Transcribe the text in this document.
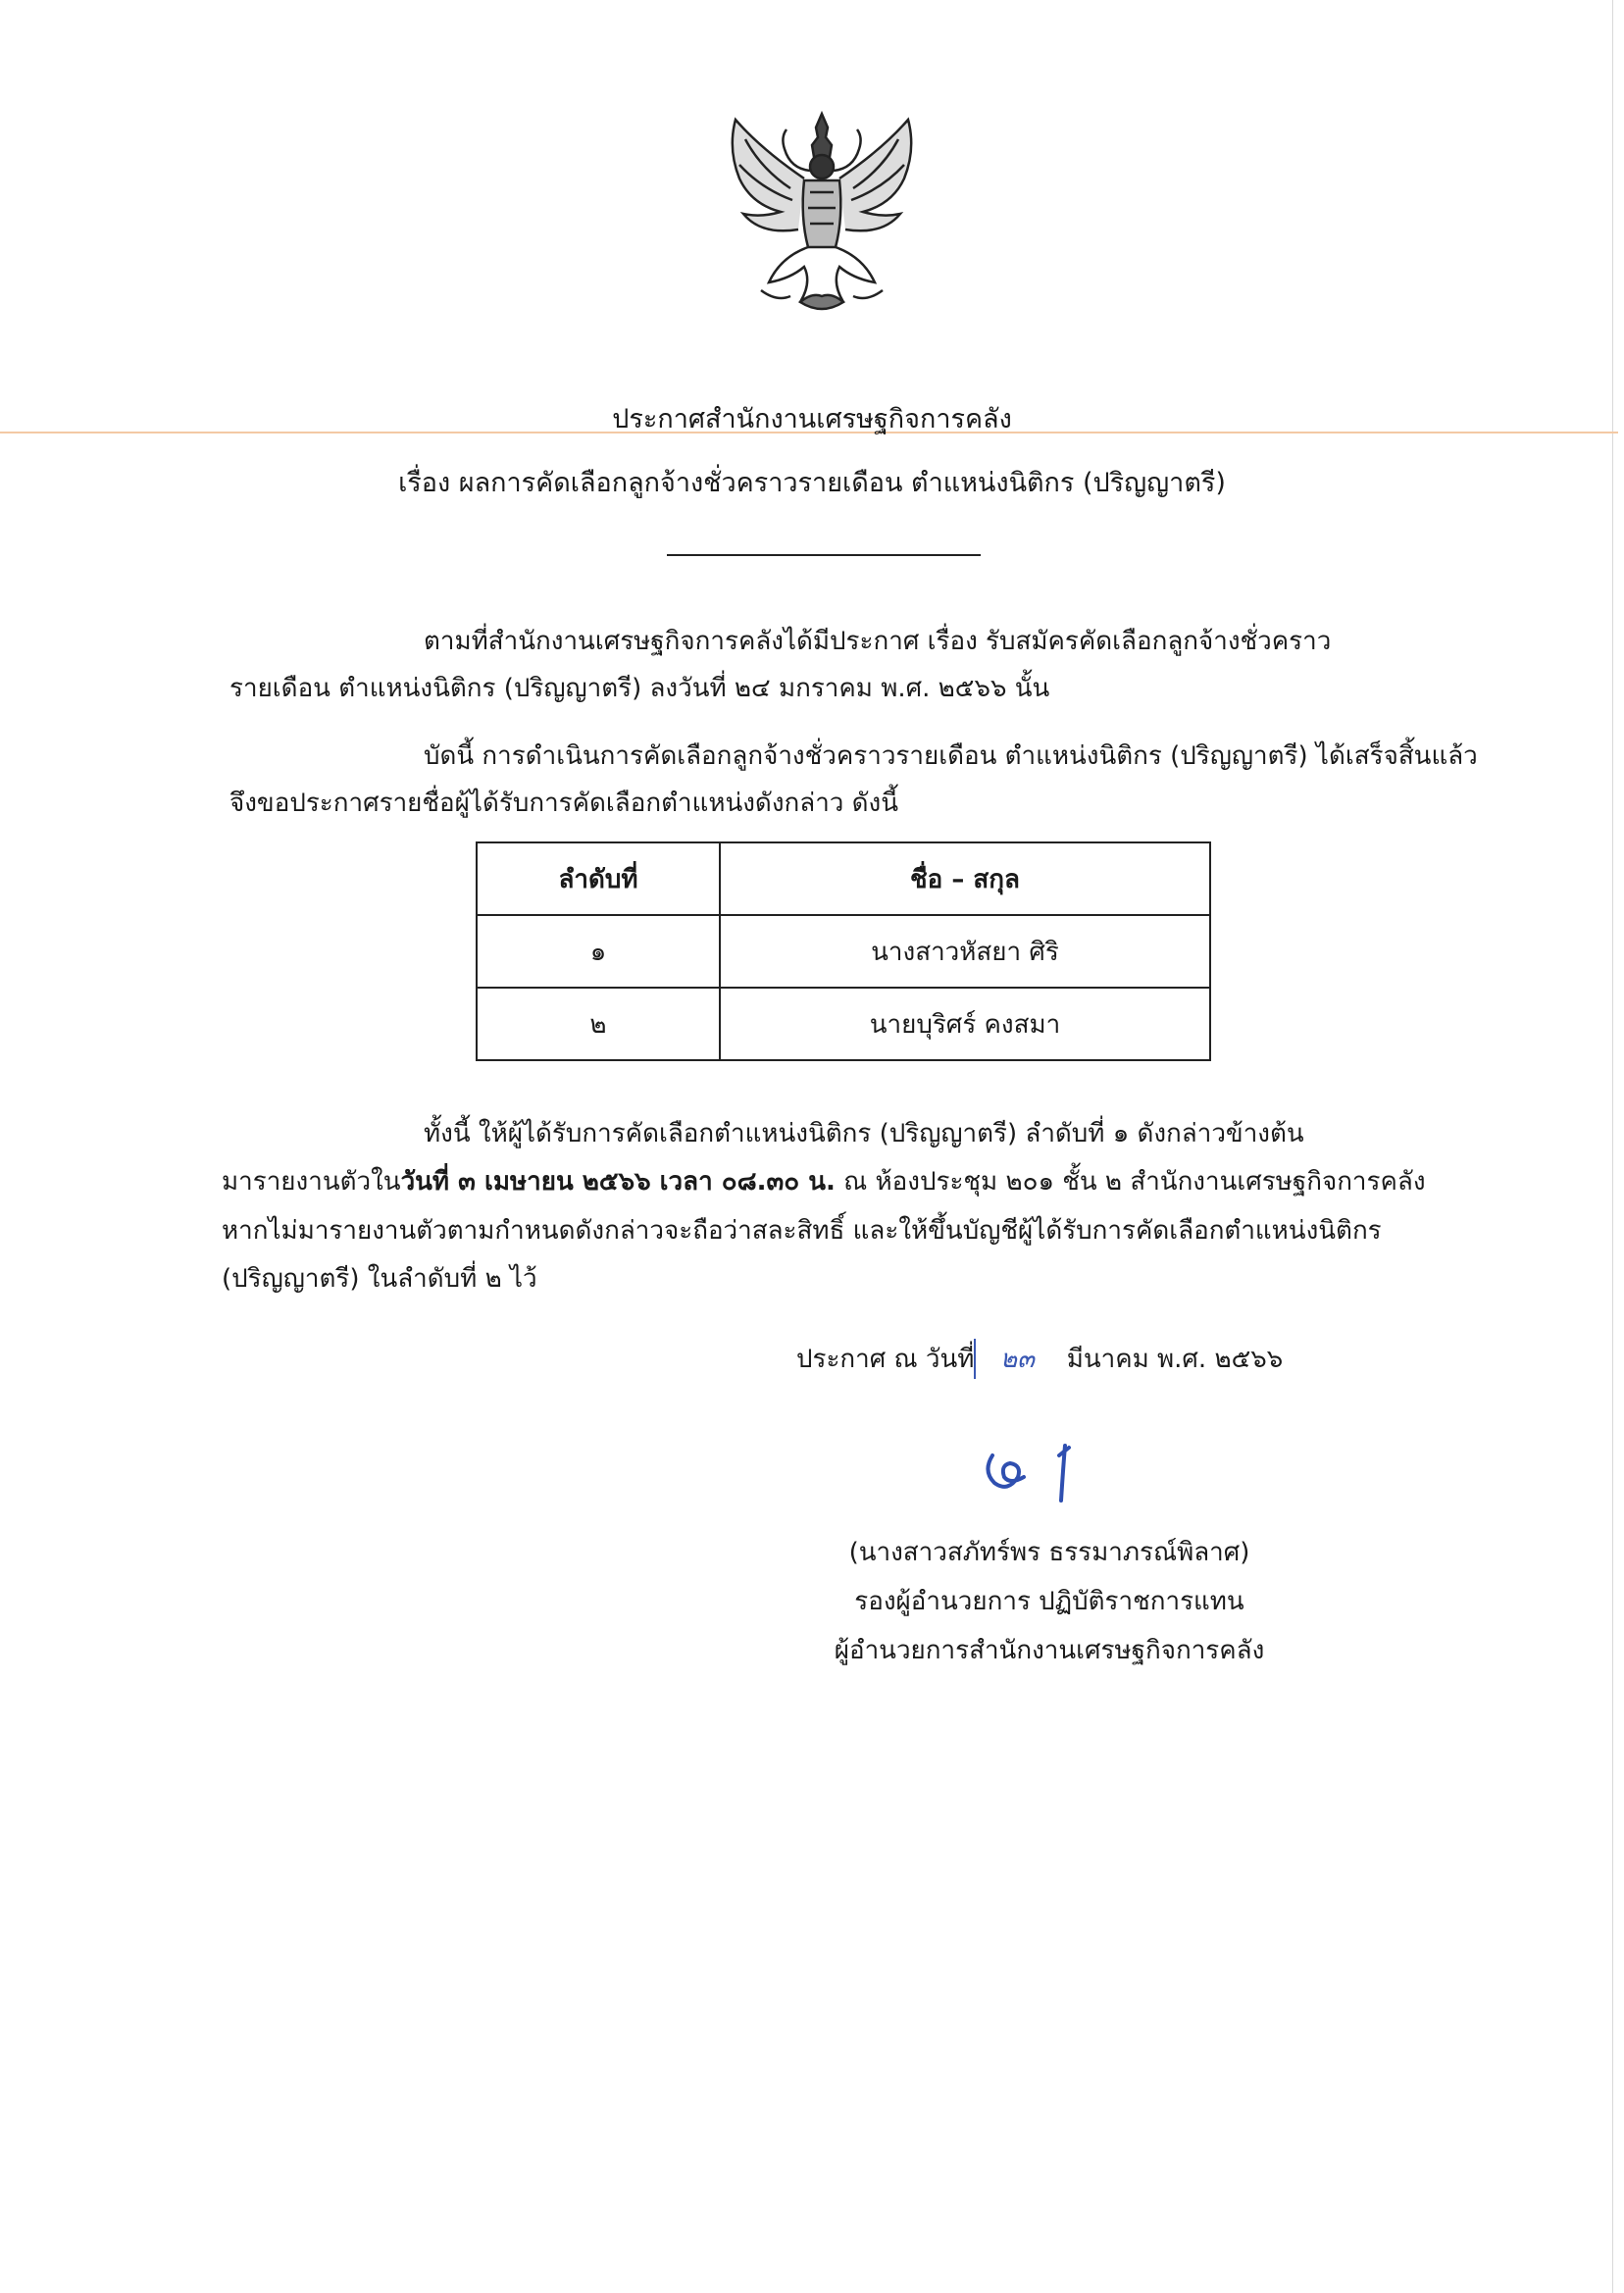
ประกาศสำนักงานเศรษฐกิจการคลัง
เรื่อง ผลการคัดเลือกลูกจ้างชั่วคราวรายเดือน ตำแหน่งนิติกร (ปริญญาตรี)
ตามที่สำนักงานเศรษฐกิจการคลังได้มีประกาศ เรื่อง รับสมัครคัดเลือกลูกจ้างชั่วคราว
รายเดือน ตำแหน่งนิติกร (ปริญญาตรี) ลงวันที่ ๒๔ มกราคม พ.ศ. ๒๕๖๖ นั้น
บัดนี้ การดำเนินการคัดเลือกลูกจ้างชั่วคราวรายเดือน ตำแหน่งนิติกร (ปริญญาตรี) ได้เสร็จสิ้นแล้ว
จึงขอประกาศรายชื่อผู้ได้รับการคัดเลือกตำแหน่งดังกล่าว ดังนี้
ลำดับที่	ชื่อ – สกุล
๑	นางสาวหัสยา ศิริ
๒	นายบุริศร์ คงสมา
ทั้งนี้ ให้ผู้ได้รับการคัดเลือกตำแหน่งนิติกร (ปริญญาตรี) ลำดับที่ ๑ ดังกล่าวข้างต้น
มารายงานตัวในวันที่ ๓ เมษายน ๒๕๖๖ เวลา ๐๘.๓๐ น. ณ ห้องประชุม ๒๐๑ ชั้น ๒ สำนักงานเศรษฐกิจการคลัง
หากไม่มารายงานตัวตามกำหนดดังกล่าวจะถือว่าสละสิทธิ์ และให้ขึ้นบัญชีผู้ได้รับการคัดเลือกตำแหน่งนิติกร
(ปริญญาตรี) ในลำดับที่ ๒ ไว้
ประกาศ ณ วันที่ ๒๓ มีนาคม พ.ศ. ๒๕๖๖
(นางสาวสภัทร์พร ธรรมาภรณ์พิลาศ)
รองผู้อำนวยการ ปฏิบัติราชการแทน
ผู้อำนวยการสำนักงานเศรษฐกิจการคลัง
